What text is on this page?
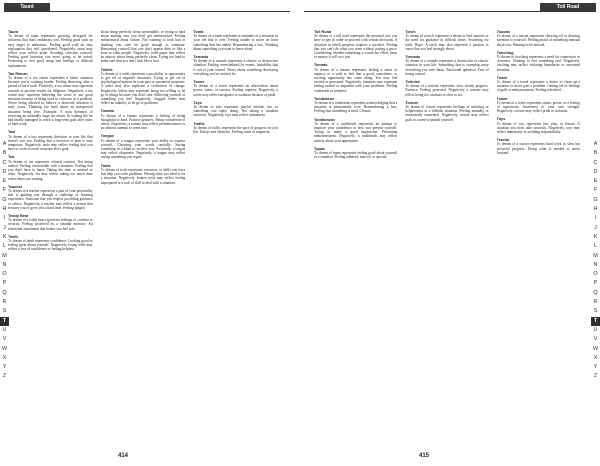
Taunt
Taunt
To dream of taunt represents growing disregard for solutions that don't embarrass you. Feeling good with an easy target to embarrass. Feeling good with an easy explanation that isn't questioned. Negatively, taunt may reflect your selfish pride. Avoiding criticism yourself. Feeling good knowing you aren't going to be tested. Preferring to feel good using bad feelings or difficult explanations.
Tax Return
To dream of a tax return represents a better situation because you're working harder. Feeling deserving after a period of hard work. Positively, a tax return may represent rewards or positive results for diligence. Negatively, a tax return may represent believing the worst of any good situation because of being used to criticism or a problem. Never being allowed to believe a deserved situation is truly yours. Thinking too hard about an unexpected situation being free. Example: A man dreamed of receiving an unusually large tax return. In waking life he had finally managed to reach a long-term goal after years of hard work.
Taxi
To dream of a taxi represents direction in your life that doesn't suit you. Feeling that a decision or plan is only temporary. Negatively, taxis may reflect feeling that you have to work to reach someone else's goal.
Tea
To dream of tea represents relaxed comfort. Not being rushed. Feeling comfortable with a situation. Feeling that you don't have to hurry. Taking the time to unwind or relax. Negatively, tea may reflect taking too much time when others are waiting.
Teacher
To dream of a teacher represents a part of your personality that is guiding you through a challenge or learning experience. Someone that you respect providing guidance or advice. Negatively, a teacher may reflect a person that lectures you or gives you a hard time. Feeling judged.
Teddy Bear
To dream of a teddy bear represents feelings of comfort or security. Feeling protected by a familiar memory. An emotional attachment that makes you feel safe.
Teeth
To dream of teeth represents confidence. Looking good or feeling great about yourself. Negatively, losing teeth may reflect a loss of confidence or feeling helpless.
about being perfectly clean, presentable, or trying so hard about making sure you don't get embarrassed. Feeling embarrassed about failure. Not wanting to look bad or thinking you can't be good enough to someone. Reassuring yourself that you don't appear dirty or like a loser to other people. Negatively, toilet paper may reflect an anxiety about being perfectly clean. Trying too hard to make sure that you don't look like a fool.
Toilets
To dream of a toilet represents a possibility or opportunity to get rid of negative situations. Trying to get rid of psychological matters in your past or unwanted situations. A toilet may also represent a realization of change. Negatively, toilets may represent being too willing to let go of things because you don't care. Relieving yourself of something you feel. Negatively, clogged toilets may reflect an inability to let go of problems.
Tomato
To dream of a tomato represents a feeling of being thoughtful or kind. Positive gestures. Being considerate of others. Negatively, a tomato may reflect pretentiousness or an obvious attempt to seem nice.
Tongue
To dream of a tongue represents your ability to express yourself. Choosing your words carefully. Saying something in a blunt or tactless way. Positively, a tongue may reflect eloquence. Negatively, a tongue may reflect saying something you regret.
Tools
To dream of tools represents resources or skills you have that help you solve problems. Having what you need to fix a situation. Negatively, broken tools may reflect feeling unprepared or a lack of skill to deal with a situation.
Tomb
To dream of a tomb represents a reminder of a situation in your life that is over. Feeling unable to move on from something that has ended. Remembering a loss. Thinking about something you want to leave alone.
Tornado
To dream of a tornado represents a chaotic or destructive situation. Feeling overwhelmed by events. Instability that is out of your control. Worry about something destroying everything you've worked for.
Tower
To dream of a tower represents an observation about power, status, or success. Feeling superior. Negatively, a tower may reflect arrogance or isolation because of pride.
Toys
To dream of toys represents playful attitude, fun, or something you enjoy doing. Not taking a situation seriously. Negatively, toys may reflect immaturity.
Traffic
To dream of traffic represents the pace of progress in your life. Delays and obstacles. Feeling stuck or impatient.
A
B
C
D
E
F
G
H
I
J
K
L
M
N
O
P
Q
R
S
T
U
V
W
X
Y
Z
414
Toll Road
Toll Road
To dream of a toll road represents the personal cost you have to pay in order to proceed with certain decisions. A situation in which progress requires a sacrifice. Feeling that you can't do what you want without paying a price. Considering whether something is worth the effort, time, or money it will cost you.
Tomato
To dream of a tomato represents feeling a sense of urgency or a wish to feel that a good, sometimes, or exciting opportunity has come along. You may feel excited or pressured. Negatively, tomatoes may represent feeling rushed or impatient with your problems. Feeling vulnerable or sensitive.
Tombstone
To dream of a tombstone represents acknowledging that a situation is permanently over. Remembering a loss. Feeling that something is final. Closure.
Toothbrush
To dream of a toothbrush represents an attempt to improve your confidence or how you present yourself. Trying to make a good impression. Preventing embarrassment. Negatively, a toothbrush may reflect anxiety about your appearance.
Topaz
To dream of topaz represents feeling good about yourself or a situation. Feeling admired, noticed, or special.
Torch
To dream of a torch represents a desire to find answers or the need for guidance in difficult times. Searching for truth. Hope. A torch may also represent a passion or cause that you feel strongly about.
Tornado
To dream of a tornado represents a destructive or chaotic situation in your life. Something that is sweeping away everything you care about. Emotional upheaval. Fear of losing control.
Tortoise
To dream of a tortoise represents slow, steady progress. Patience. Feeling protected. Negatively, a tortoise may reflect being too cautious or slow to act.
Torture
To dream of torture represents feelings of suffering or helplessness in a difficult situation. Feeling mentally or emotionally tormented. Negatively, torture may reflect guilt or a need to punish yourself.
Toucan
To dream of a toucan represents showing off or drawing attention to yourself. Feeling proud of something unusual about you. Wanting to be noticed.
Touching
To dream of touching represents a need for connection or closeness. Wanting to feel something real. Negatively, touching may reflect violating boundaries or unwanted attention.
Towel
To dream of a towel represents a desire to clean up a situation or move past a problem. Getting rid of feelings of guilt or embarrassment. Feeling refreshed.
Tower
To dream of a tower represents status, power, or a feeling of superiority. Awareness of your own strength. Negatively, a tower may reflect pride or isolation.
Toys
To dream of toys represents fun, play, or leisure. A situation you don't take seriously. Negatively, toys may reflect immaturity or avoiding responsibility.
Tractor
To dream of a tractor represents hard work or slow but powerful progress. Doing what is needed to move forward.
A
B
C
D
E
F
G
H
I
J
K
L
M
N
O
P
Q
R
S
T
U
V
W
X
Y
Z
415
